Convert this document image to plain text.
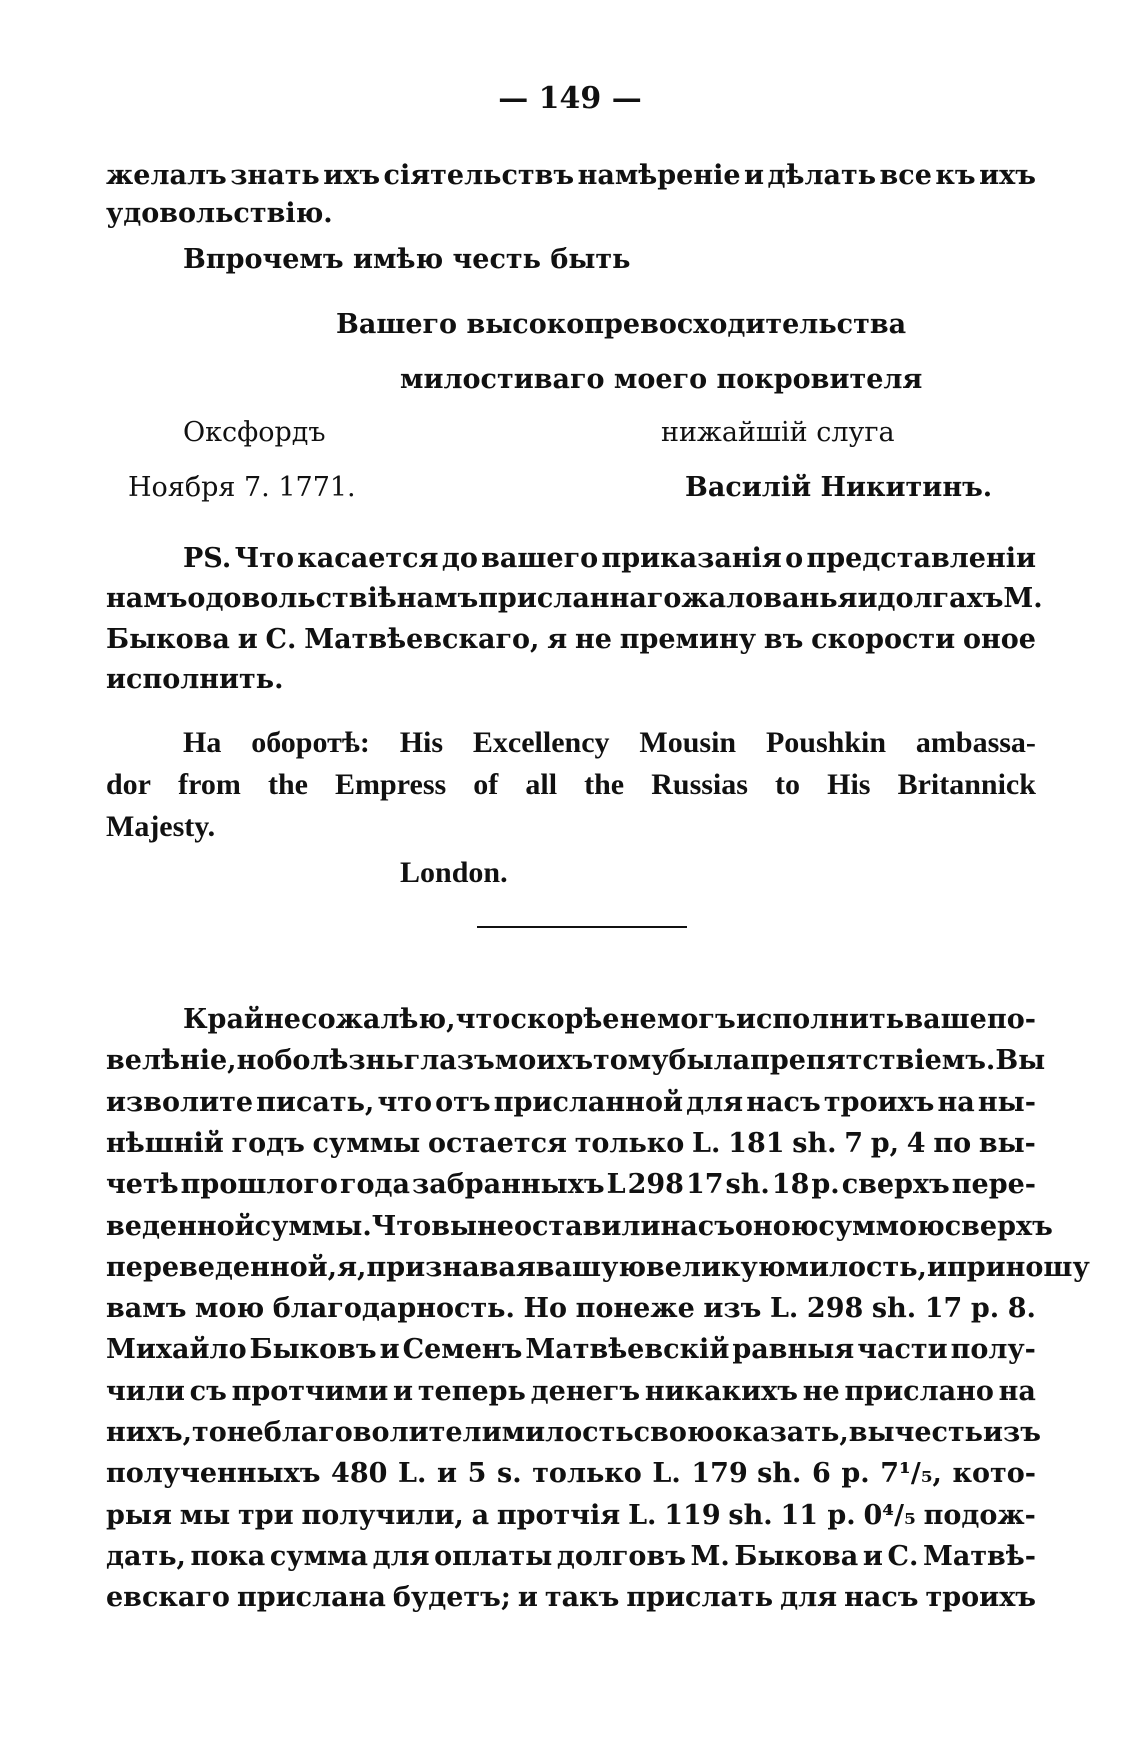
— 149 —
желалъ знать ихъ сіятельствъ намѣреніе и дѣлать все къ ихъ
удовольствію.
Впрочемъ имѣю честь быть
Вашего высокопревосходительства
милостиваго моего покровителя
Оксфордъ	нижайшій слуга
Ноября 7. 1771.	Василій Никитинъ.
PS. Что касается до вашего приказанія о представленіи
намъ о довольствіѣ намъ присланнаго жалованья и долгахъ М.
Быкова и С. Матвѣевскаго, я не премину въ скорости оное
исполнить.
На оборотѣ: His Excellency Mousin Poushkin ambassa-
dor from the Empress of all the Russias to His Britannick
Majesty.
London.
Крайне сожалѣю, что скорѣе не могъ исполнить ваше по-
велѣніе, но болѣзнь глазъ моихъ тому была препятствіемъ. Вы
изволите писать, что отъ присланной для насъ троихъ на ны-
нѣшній годъ суммы остается только L. 181 sh. 7 p, 4 по вы-
четѣ прошлого года забранныхъ L 298 17 sh. 18 p. сверхъ пере-
веденной суммы. Что вы не оставили насъ оною суммою сверхъ
переведенной, я, признавая вашую великую милость, и приношу
вамъ мою благодарность. Но понеже изъ L. 298 sh. 17 p. 8.
Михайло Быковъ и Семенъ Матвѣевскій равныя части полу-
чили съ протчими и теперь денегъ никакихъ не прислано на
нихъ, то не благоволите ли милость свою оказать, вычесть изъ
полученныхъ 480 L. и 5 s. только L. 179 sh. 6 p. 7¹/₅, кото-
рыя мы три получили, а протчія L. 119 sh. 11 p. 0⁴/₅ подож-
дать, пока сумма для оплаты долговъ М. Быкова и С. Матвѣ-
евскаго прислана будетъ; и такъ прислать для насъ троихъ
